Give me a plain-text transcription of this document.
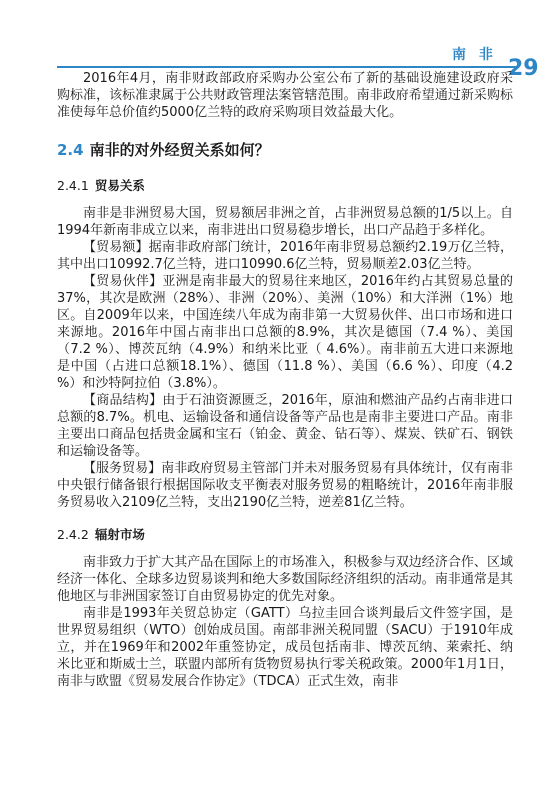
南 非
29

2016年4月，南非财政部政府采购办公室公布了新的基础设施建设政府采购标准，该标准隶属于公共财政管理法案管辖范围。南非政府希望通过新采购标准使每年总价值约5000亿兰特的政府采购项目效益最大化。

2.4 南非的对外经贸关系如何？
2.4.1 贸易关系

南非是非洲贸易大国，贸易额居非洲之首，占非洲贸易总额的1/5以上。自1994年新南非成立以来，南非进出口贸易稳步增长，出口产品趋于多样化。

【贸易额】据南非政府部门统计，2016年南非贸易总额约2.19万亿兰特，其中出口10992.7亿兰特，进口10990.6亿兰特，贸易顺差2.03亿兰特。

【贸易伙伴】亚洲是南非最大的贸易往来地区，2016年约占其贸易总量的37%，其次是欧洲（28%）、非洲（20%）、美洲（10%）和大洋洲（1%）地区。自2009年以来，中国连续八年成为南非第一大贸易伙伴、出口市场和进口来源地。2016年中国占南非出口总额的8.9%，其次是德国（7.4 %）、美国（7.2 %）、博茨瓦纳（4.9%）和纳米比亚（ 4.6%）。南非前五大进口来源地是中国（占进口总额18.1%）、德国（11.8 %）、美国（6.6 %）、印度（4.2 %）和沙特阿拉伯（3.8%）。

【商品结构】由于石油资源匮乏，2016年，原油和燃油产品约占南非进口总额的8.7%。机电、运输设备和通信设备等产品也是南非主要进口产品。南非主要出口商品包括贵金属和宝石（铂金、黄金、钻石等）、煤炭、铁矿石、钢铁和运输设备等。

【服务贸易】南非政府贸易主管部门并未对服务贸易有具体统计，仅有南非中央银行储备银行根据国际收支平衡表对服务贸易的粗略统计，2016年南非服务贸易收入2109亿兰特，支出2190亿兰特，逆差81亿兰特。

2.4.2 辐射市场

南非致力于扩大其产品在国际上的市场准入，积极参与双边经济合作、区域经济一体化、全球多边贸易谈判和绝大多数国际经济组织的活动。南非通常是其他地区与非洲国家签订自由贸易协定的优先对象。

南非是1993年关贸总协定（GATT）乌拉圭回合谈判最后文件签字国，是世界贸易组织（WTO）创始成员国。南部非洲关税同盟（SACU）于1910年成立，并在1969年和2002年重签协定，成员包括南非、博茨瓦纳、莱索托、纳米比亚和斯威士兰，联盟内部所有货物贸易执行零关税政策。2000年1月1日，南非与欧盟《贸易发展合作协定》（TDCA）正式生效，南非
